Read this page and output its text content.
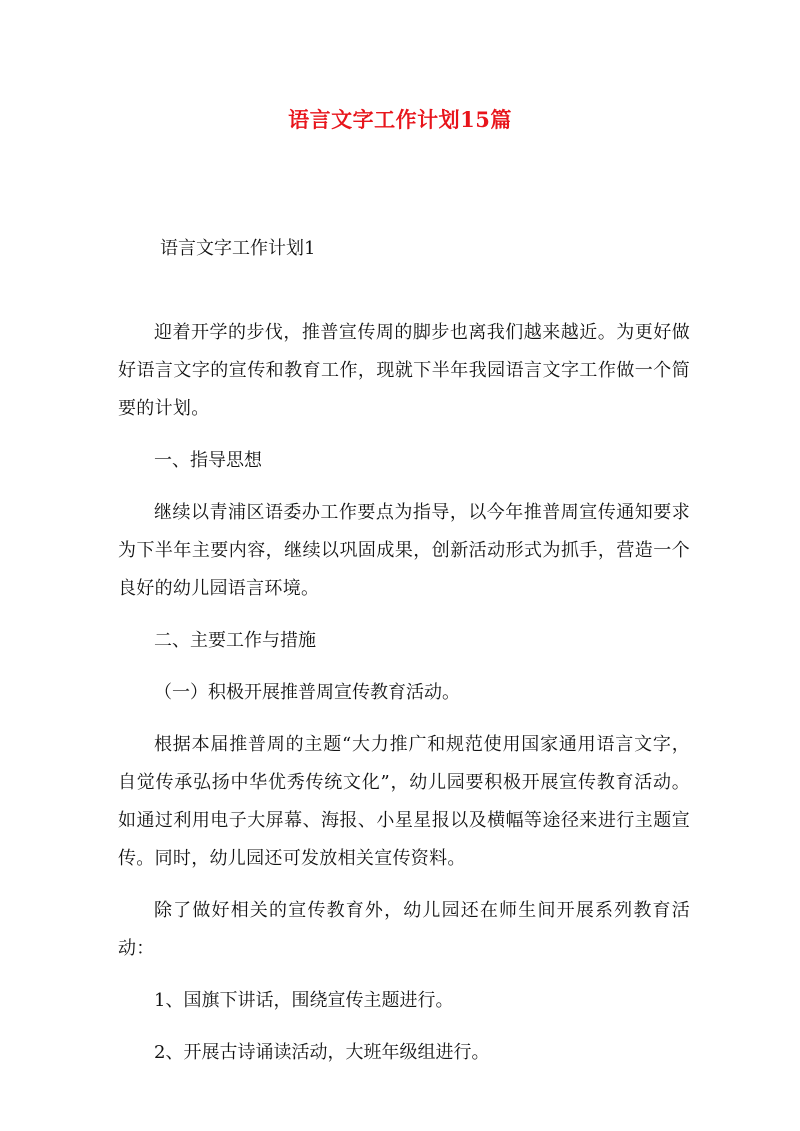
语言文字工作计划15篇
语言文字工作计划1

迎着开学的步伐，推普宣传周的脚步也离我们越来越近。为更好做好语言文字的宣传和教育工作，现就下半年我园语言文字工作做一个简要的计划。

一、指导思想

继续以青浦区语委办工作要点为指导，以今年推普周宣传通知要求为下半年主要内容，继续以巩固成果，创新活动形式为抓手，营造一个良好的幼儿园语言环境。

二、主要工作与措施

（一）积极开展推普周宣传教育活动。

根据本届推普周的主题“大力推广和规范使用国家通用语言文字，自觉传承弘扬中华优秀传统文化”，幼儿园要积极开展宣传教育活动。如通过利用电子大屏幕、海报、小星星报以及横幅等途径来进行主题宣传。同时，幼儿园还可发放相关宣传资料。

除了做好相关的宣传教育外，幼儿园还在师生间开展系列教育活动：

1、国旗下讲话，围绕宣传主题进行。

2、开展古诗诵读活动，大班年级组进行。
